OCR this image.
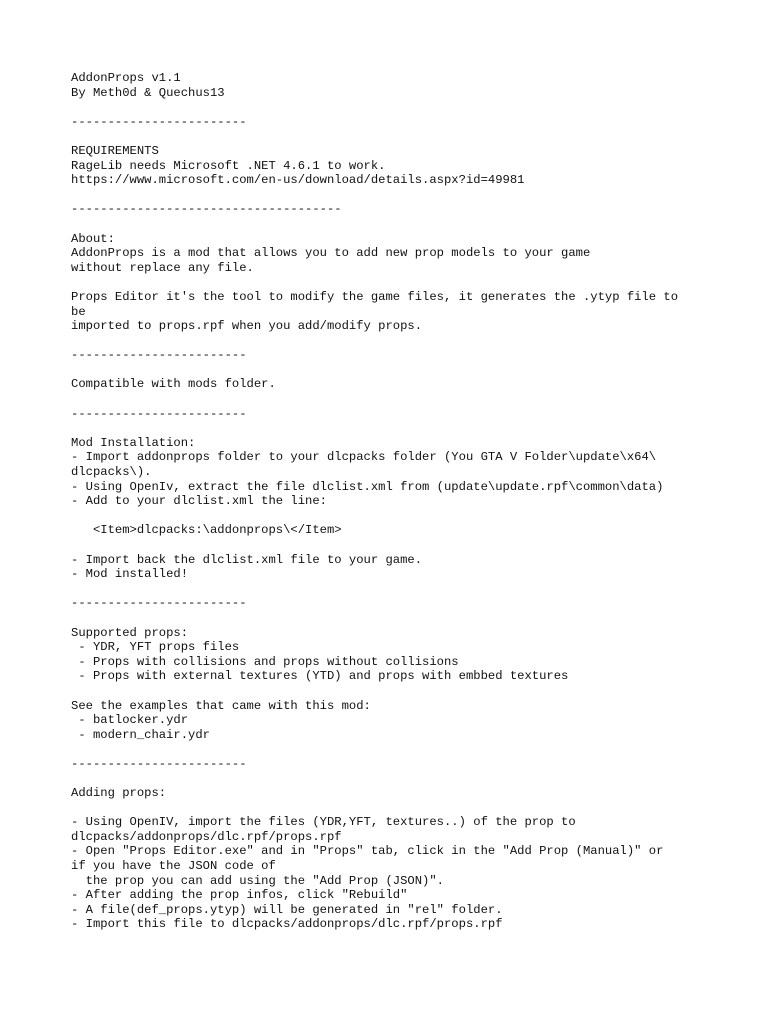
AddonProps v1.1
By Meth0d & Quechus13
------------------------
REQUIREMENTS
RageLib needs Microsoft .NET 4.6.1 to work.
https://www.microsoft.com/en-us/download/details.aspx?id=49981
-------------------------------------
About:
AddonProps is a mod that allows you to add new prop models to your game
without replace any file.
Props Editor it's the tool to modify the game files, it generates the .ytyp file to
be
imported to props.rpf when you add/modify props.
------------------------
Compatible with mods folder.
------------------------
Mod Installation:
- Import addonprops folder to your dlcpacks folder (You GTA V Folder\update\x64\
dlcpacks\).
- Using OpenIv, extract the file dlclist.xml from (update\update.rpf\common\data)
- Add to your dlclist.xml the line:
<Item>dlcpacks:\addonprops\</Item>
- Import back the dlclist.xml file to your game.
- Mod installed!
------------------------
Supported props:
- YDR, YFT props files
- Props with collisions and props without collisions
- Props with external textures (YTD) and props with embbed textures
See the examples that came with this mod:
- batlocker.ydr
- modern_chair.ydr
------------------------
Adding props:
- Using OpenIV, import the files (YDR,YFT, textures..) of the prop to
dlcpacks/addonprops/dlc.rpf/props.rpf
- Open "Props Editor.exe" and in "Props" tab, click in the "Add Prop (Manual)" or
if you have the JSON code of
the prop you can add using the "Add Prop (JSON)".
- After adding the prop infos, click "Rebuild"
- A file(def_props.ytyp) will be generated in "rel" folder.
- Import this file to dlcpacks/addonprops/dlc.rpf/props.rpf
